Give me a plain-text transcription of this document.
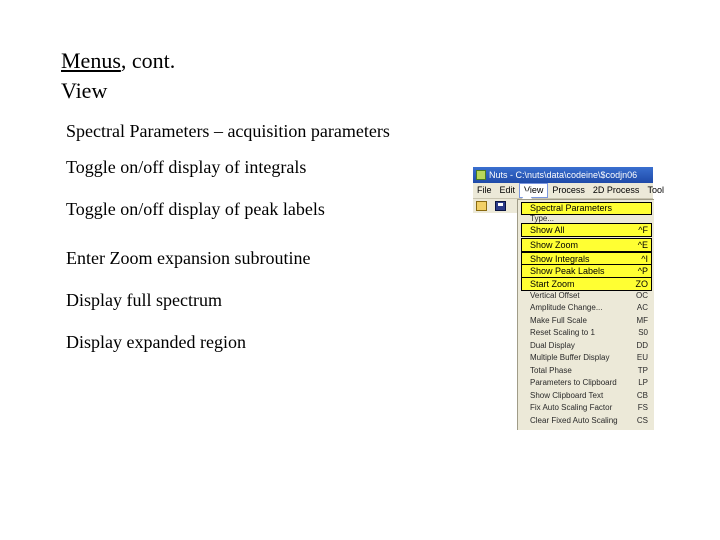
Menus, cont.
View
Spectral Parameters – acquisition parameters
Toggle on/off display of integrals
Toggle on/off display of peak labels
Enter Zoom expansion subroutine
Display full spectrum
Display expanded region
Nuts - C:\nuts\data\codeine\$codjn06
File Edit View Process 2D Process Tool
Spectral Parameters
Type...
Show All	^F
Show Zoom	^E
Show Integrals	^I
Show Peak Labels	^P
Start Zoom	ZO
Vertical Offset	OC
Amplitude Change...	AC
Make Full Scale	MF
Reset Scaling to 1	S0
Dual Display	DD
Multiple Buffer Display	EU
Total Phase	TP
Parameters to Clipboard	LP
Show Clipboard Text	CB
Fix Auto Scaling Factor	FS
Clear Fixed Auto Scaling CS
